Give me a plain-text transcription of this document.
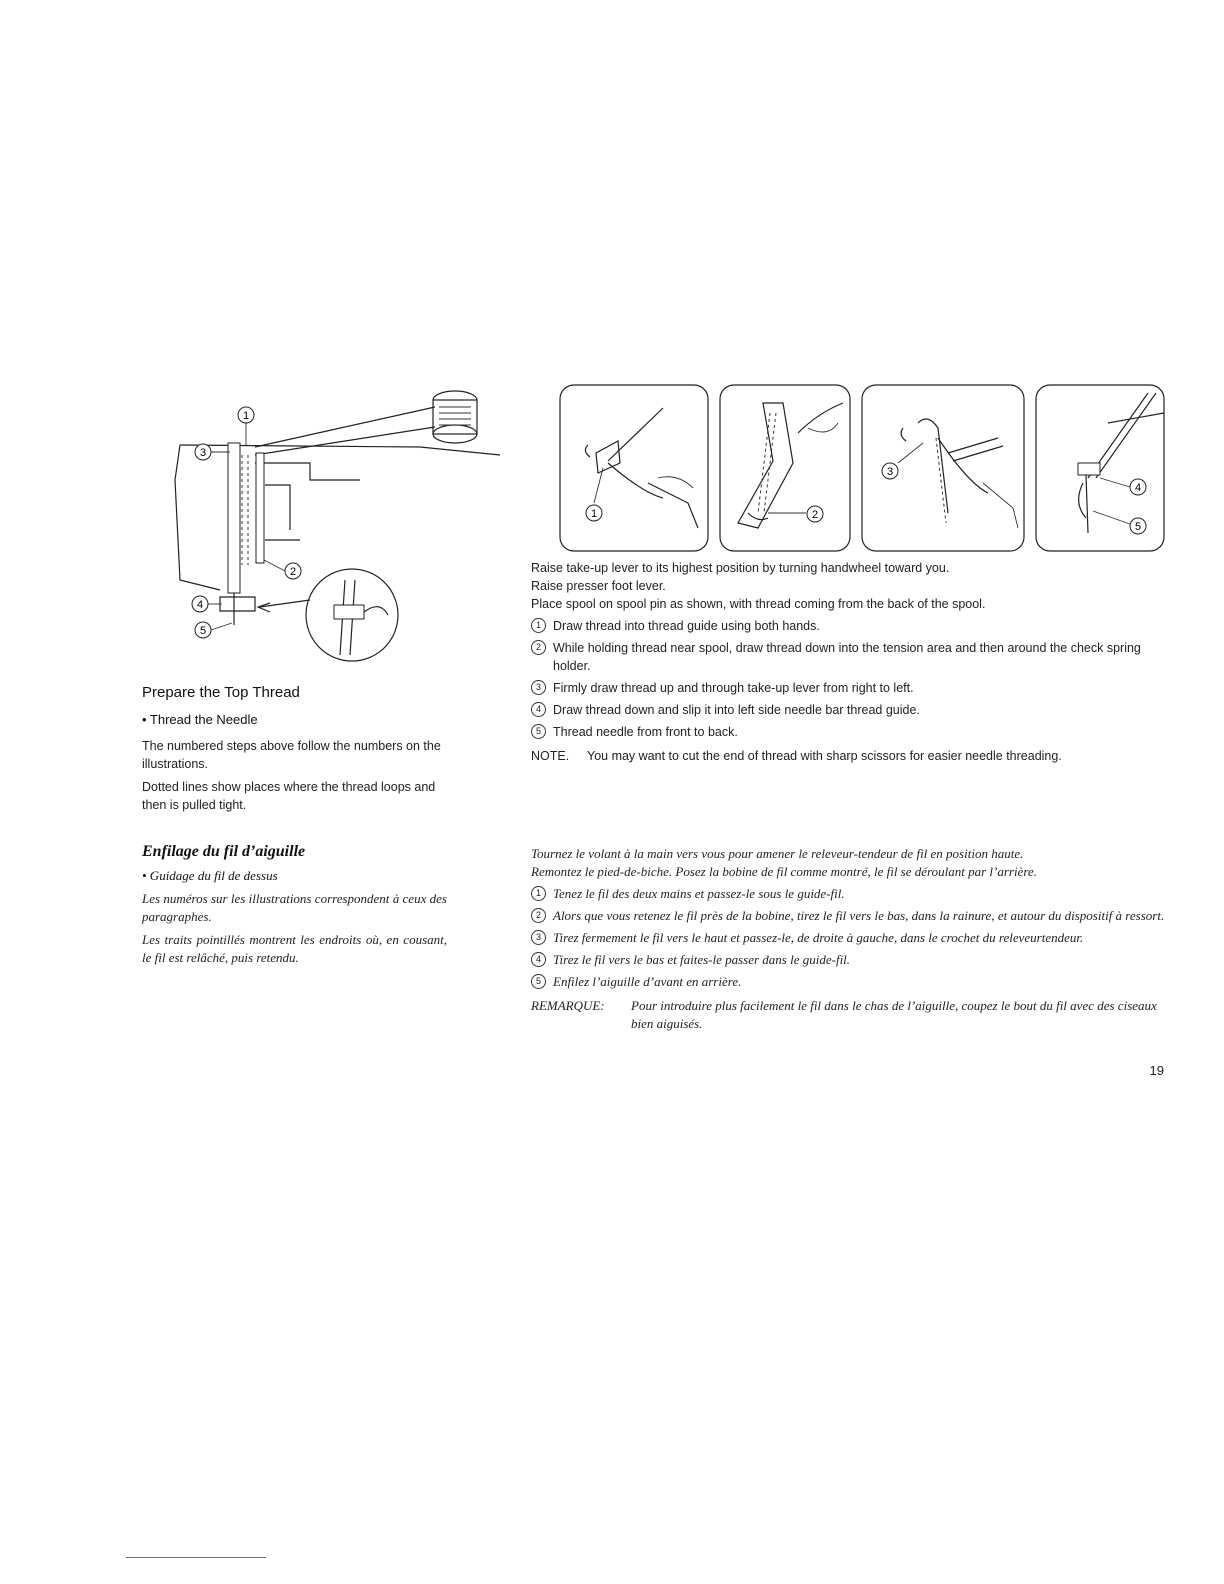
1
3
2
4
5
1	2
3
4
5
Prepare the Top Thread
• Thread the Needle
The numbered steps above follow the numbers on the illustrations.
Dotted lines show places where the thread loops and then is pulled tight.
Raise take-up lever to its highest position by turning handwheel toward you.
Raise presser foot lever.
Place spool on spool pin as shown, with thread coming from the back of the spool.
1 Draw thread into thread guide using both hands.
2 While holding thread near spool, draw thread down into the tension area and then around the check spring holder.
3 Firmly draw thread up and through take-up lever from right to left.
4 Draw thread down and slip it into left side needle bar thread guide.
5 Thread needle from front to back.
NOTE.	You may want to cut the end of thread with sharp scissors for easier needle threading.
Enfilage du fil d’aiguille
• Guidage du fil de dessus
Les numéros sur les illustrations correspondent à ceux des paragraphes.
Les traits pointillés montrent les endroits où, en cousant, le fil est relâché, puis retendu.
Tournez le volant à la main vers vous pour amener le releveur-tendeur de fil en position haute.
Remontez le pied-de-biche. Posez la bobine de fil comme montré, le fil se déroulant par l’arrière.
1 Tenez le fil des deux mains et passez-le sous le guide-fil.
2 Alors que vous retenez le fil près de la bobine, tirez le fil vers le bas, dans la rainure, et autour du dispositif à ressort.
3 Tirez fermement le fil vers le haut et passez-le, de droite à gauche, dans le crochet du releveurtendeur.
4 Tirez le fil vers le bas et faites-le passer dans le guide-fil.
5 Enfilez l’aiguille d’avant en arrière.
REMARQUE:	Pour introduire plus facilement le fil dans le chas de l’aiguille, coupez le bout du fil avec des ciseaux bien aiguisés.
19
